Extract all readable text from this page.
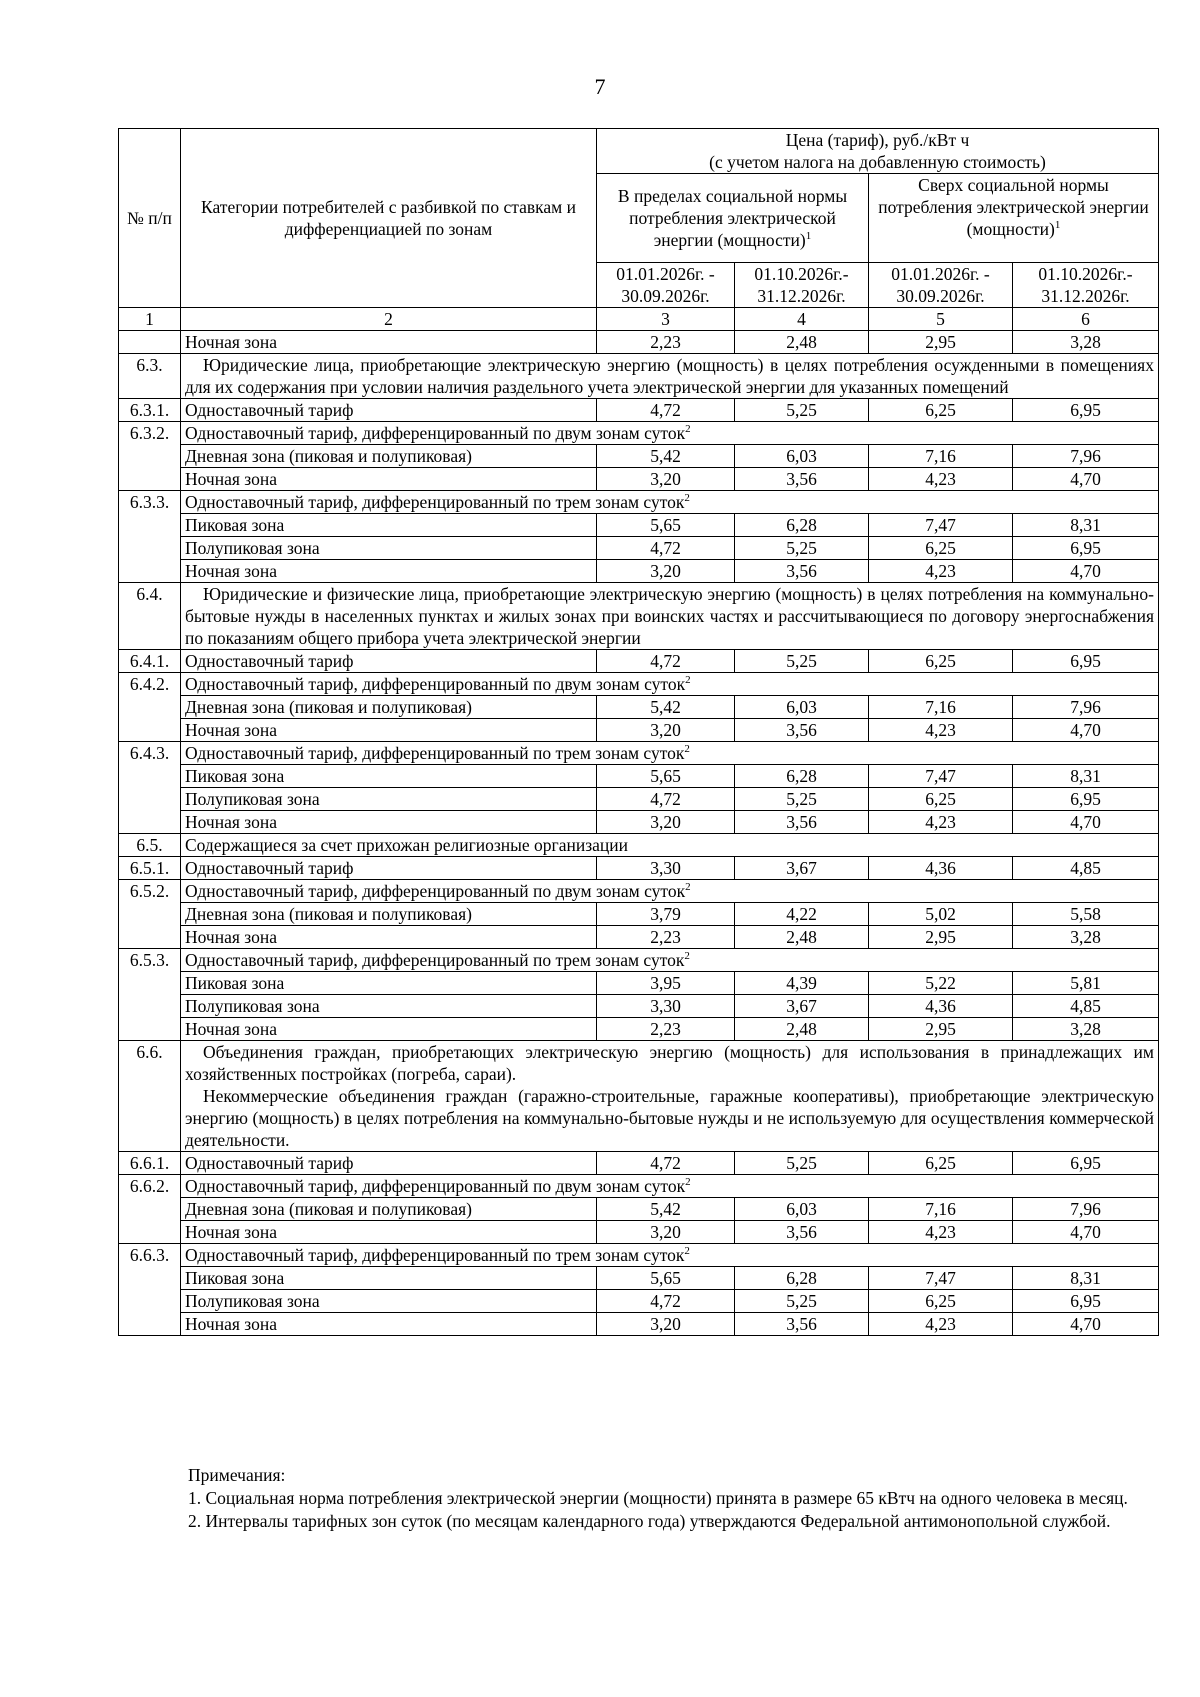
7
№ п/п	Категории потребителей с разбивкой по ставкам и дифференциацией по зонам	Цена (тариф), руб./кВт ч
(с учетом налога на добавленную стоимость)			
		В пределах социальной нормы потребления электрической энергии (мощности)$^1$		Сверх социальной нормы потребления электрической энергии (мощности)$^1$
		01.01.2026г. - 30.09.2026г.	01.10.2026г.- 31.12.2026г.	01.01.2026г. - 30.09.2026г.	01.10.2026г.- 31.12.2026г.
1	2	3	4	5	6
	Ночная зона	2,23	2,48	2,95	3,28
6.3.	Юридические лица, приобретающие электрическую энергию (мощность) в целях потребления осужденными в помещениях для их содержания при условии наличия раздельного учета электрической энергии для указанных помещений				
6.3.1.	Одноставочный тариф	4,72	5,25	6,25	6,95
6.3.2.	Одноставочный тариф, дифференцированный по двум зонам суток$^2$
	Дневная зона (пиковая и полупиковая)	5,42	6,03	7,16	7,96
	Ночная зона	3,20	3,56	4,23	4,70
6.3.3.	Одноставочный тариф, дифференцированный по трем зонам суток$^2$
	Пиковая зона	5,65	6,28	7,47	8,31
	Полупиковая зона	4,72	5,25	6,25	6,95
	Ночная зона	3,20	3,56	4,23	4,70
6.4.	Юридические и физические лица, приобретающие электрическую энергию (мощность) в целях потребления на коммунально-бытовые нужды в населенных пунктах и жилых зонах при воинских частях и рассчитывающиеся по договору энергоснабжения по показаниям общего прибора учета электрической энергии				
6.4.1.	Одноставочный тариф	4,72	5,25	6,25	6,95
6.4.2.	Одноставочный тариф, дифференцированный по двум зонам суток$^2$
	Дневная зона (пиковая и полупиковая)	5,42	6,03	7,16	7,96
	Ночная зона	3,20	3,56	4,23	4,70
6.4.3.	Одноставочный тариф, дифференцированный по трем зонам суток$^2$
	Пиковая зона	5,65	6,28	7,47	8,31
	Полупиковая зона	4,72	5,25	6,25	6,95
	Ночная зона	3,20	3,56	4,23	4,70
6.5.	Содержащиеся за счет прихожан религиозные организации				
6.5.1.	Одноставочный тариф	3,30	3,67	4,36	4,85
6.5.2.	Одноставочный тариф, дифференцированный по двум зонам суток$^2$
	Дневная зона (пиковая и полупиковая)	3,79	4,22	5,02	5,58
	Ночная зона	2,23	2,48	2,95	3,28
6.5.3.	Одноставочный тариф, дифференцированный по трем зонам суток$^2$
	Пиковая зона	3,95	4,39	5,22	5,81
	Полупиковая зона	3,30	3,67	4,36	4,85
	Ночная зона	2,23	2,48	2,95	3,28
6.6.	Объединения граждан, приобретающих электрическую энергию (мощность) для использования в принадлежащих им хозяйственных постройках (погреба, сараи).
Некоммерческие объединения граждан (гаражно-строительные, гаражные кооперативы), приобретающие электрическую энергию (мощность) в целях потребления на коммунально-бытовые нужды и не используемую для осуществления коммерческой деятельности.				

6.6.1.	Одноставочный тариф	4,72	5,25	6,25	6,95
6.6.2.	Одноставочный тариф, дифференцированный по двум зонам суток$^2$
	Дневная зона (пиковая и полупиковая)	5,42	6,03	7,16	7,96
	Ночная зона	3,20	3,56	4,23	4,70
6.6.3.	Одноставочный тариф, дифференцированный по трем зонам суток$^2$
	Пиковая зона	5,65	6,28	7,47	8,31
	Полупиковая зона	4,72	5,25	6,25	6,95
	Ночная зона	3,20	3,56	4,23	4,70

Примечания:

1. Социальная норма потребления электрической энергии (мощности) принята в размере 65 кВтч на одного человека в месяц.

2. Интервалы тарифных зон суток (по месяцам календарного года) утверждаются Федеральной антимонопольной службой.
